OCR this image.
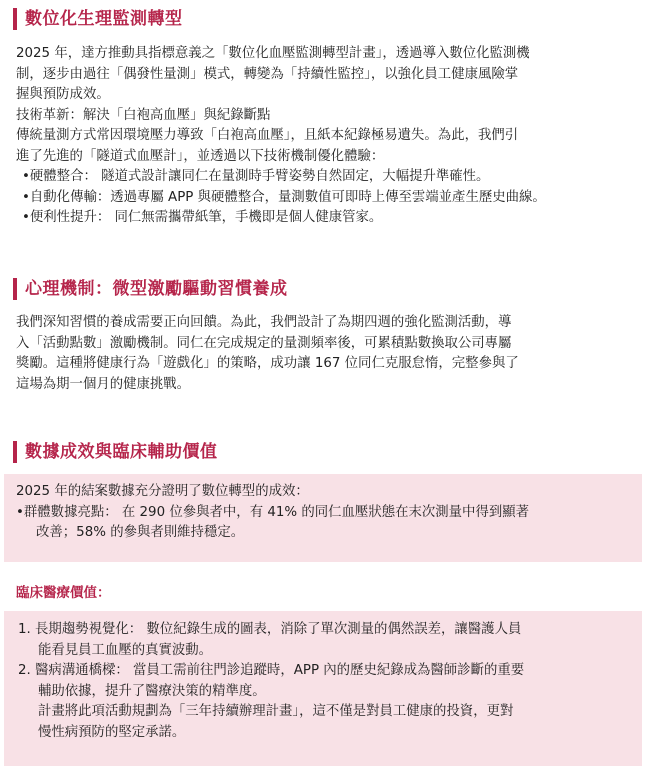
數位化生理監測轉型
2025 年，達方推動具指標意義之「數位化血壓監測轉型計畫」，透過導入數位化監測機
制，逐步由過往「偶發性量測」模式，轉變為「持續性監控」，以強化員工健康風險掌
握與預防成效。
技術革新：解決「白袍高血壓」與紀錄斷點
傳統量測方式常因環境壓力導致「白袍高血壓」，且紙本紀錄極易遺失。為此，我們引
進了先進的「隧道式血壓計」，並透過以下技術機制優化體驗：
•硬體整合： 隧道式設計讓同仁在量測時手臂姿勢自然固定，大幅提升準確性。
•自動化傳輸：透過專屬 APP 與硬體整合，量測數值可即時上傳至雲端並產生歷史曲線。
•便利性提升： 同仁無需攜帶紙筆，手機即是個人健康管家。
心理機制：微型激勵驅動習慣養成
我們深知習慣的養成需要正向回饋。為此，我們設計了為期四週的強化監測活動，導
入「活動點數」激勵機制。同仁在完成規定的量測頻率後，可累積點數換取公司專屬
獎勵。這種將健康行為「遊戲化」的策略，成功讓 167 位同仁克服怠惰，完整參與了
這場為期一個月的健康挑戰。
數據成效與臨床輔助價值
2025 年的結案數據充分證明了數位轉型的成效：
•群體數據亮點： 在 290 位參與者中，有 41% 的同仁血壓狀態在末次測量中得到顯著
改善；58% 的參與者則維持穩定。
臨床醫療價值：
1. 長期趨勢視覺化： 數位紀錄生成的圖表，消除了單次測量的偶然誤差，讓醫護人員
能看見員工血壓的真實波動。
2. 醫病溝通橋樑： 當員工需前往門診追蹤時，APP 內的歷史紀錄成為醫師診斷的重要
輔助依據，提升了醫療決策的精準度。
計畫將此項活動規劃為「三年持續辦理計畫」，這不僅是對員工健康的投資，更對
慢性病預防的堅定承諾。
